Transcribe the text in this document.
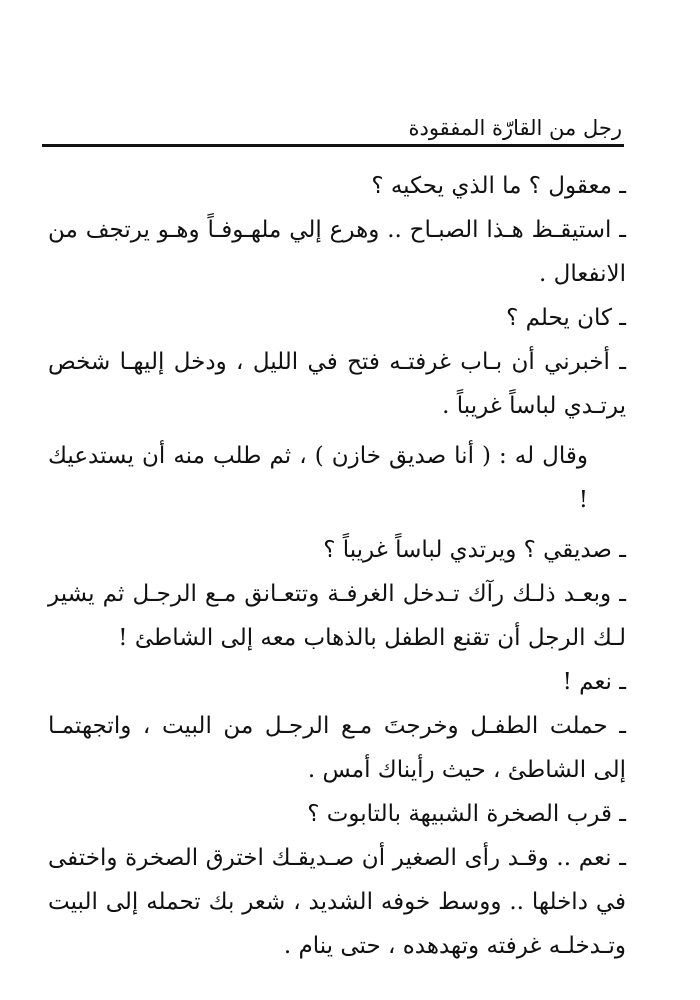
رجل من القارّة المفقودة

ـ معقول ؟ ما الذي يحكيه ؟

ـ استيقـظ هـذا الصبـاح .. وهرع إلي ملهـوفـاً وهـو يرتجف من الانفعال .

ـ كان يحلم ؟

ـ أخبرني أن بـاب غرفتـه فتح في الليل ، ودخل إليهـا شخص يرتـدي لباساً غريباً .

وقال له : ( أنا صديق خازن ) ، ثم طلب منه أن يستدعيك !

ـ صديقي ؟ ويرتدي لباساً غريباً ؟

ـ وبعـد ذلـك رآك تـدخل الغرفـة وتتعـانق مـع الرجـل ثم يشير لـك الرجل أن تقنع الطفل بالذهاب معه إلى الشاطئ !

ـ نعم !

ـ حملت الطفـل وخرجتَ مـع الرجـل من البيت ، واتجهتمـا إلى الشاطئ ، حيث رأيناك أمس .

ـ قرب الصخرة الشبيهة بالتابوت ؟

ـ نعم .. وقـد رأى الصغير أن صـديقـك اخترق الصخرة واختفى في داخلها .. ووسط خوفه الشديد ، شعر بك تحمله إلى البيت وتـدخلـه غرفته وتهدهده ، حتى ينام .
